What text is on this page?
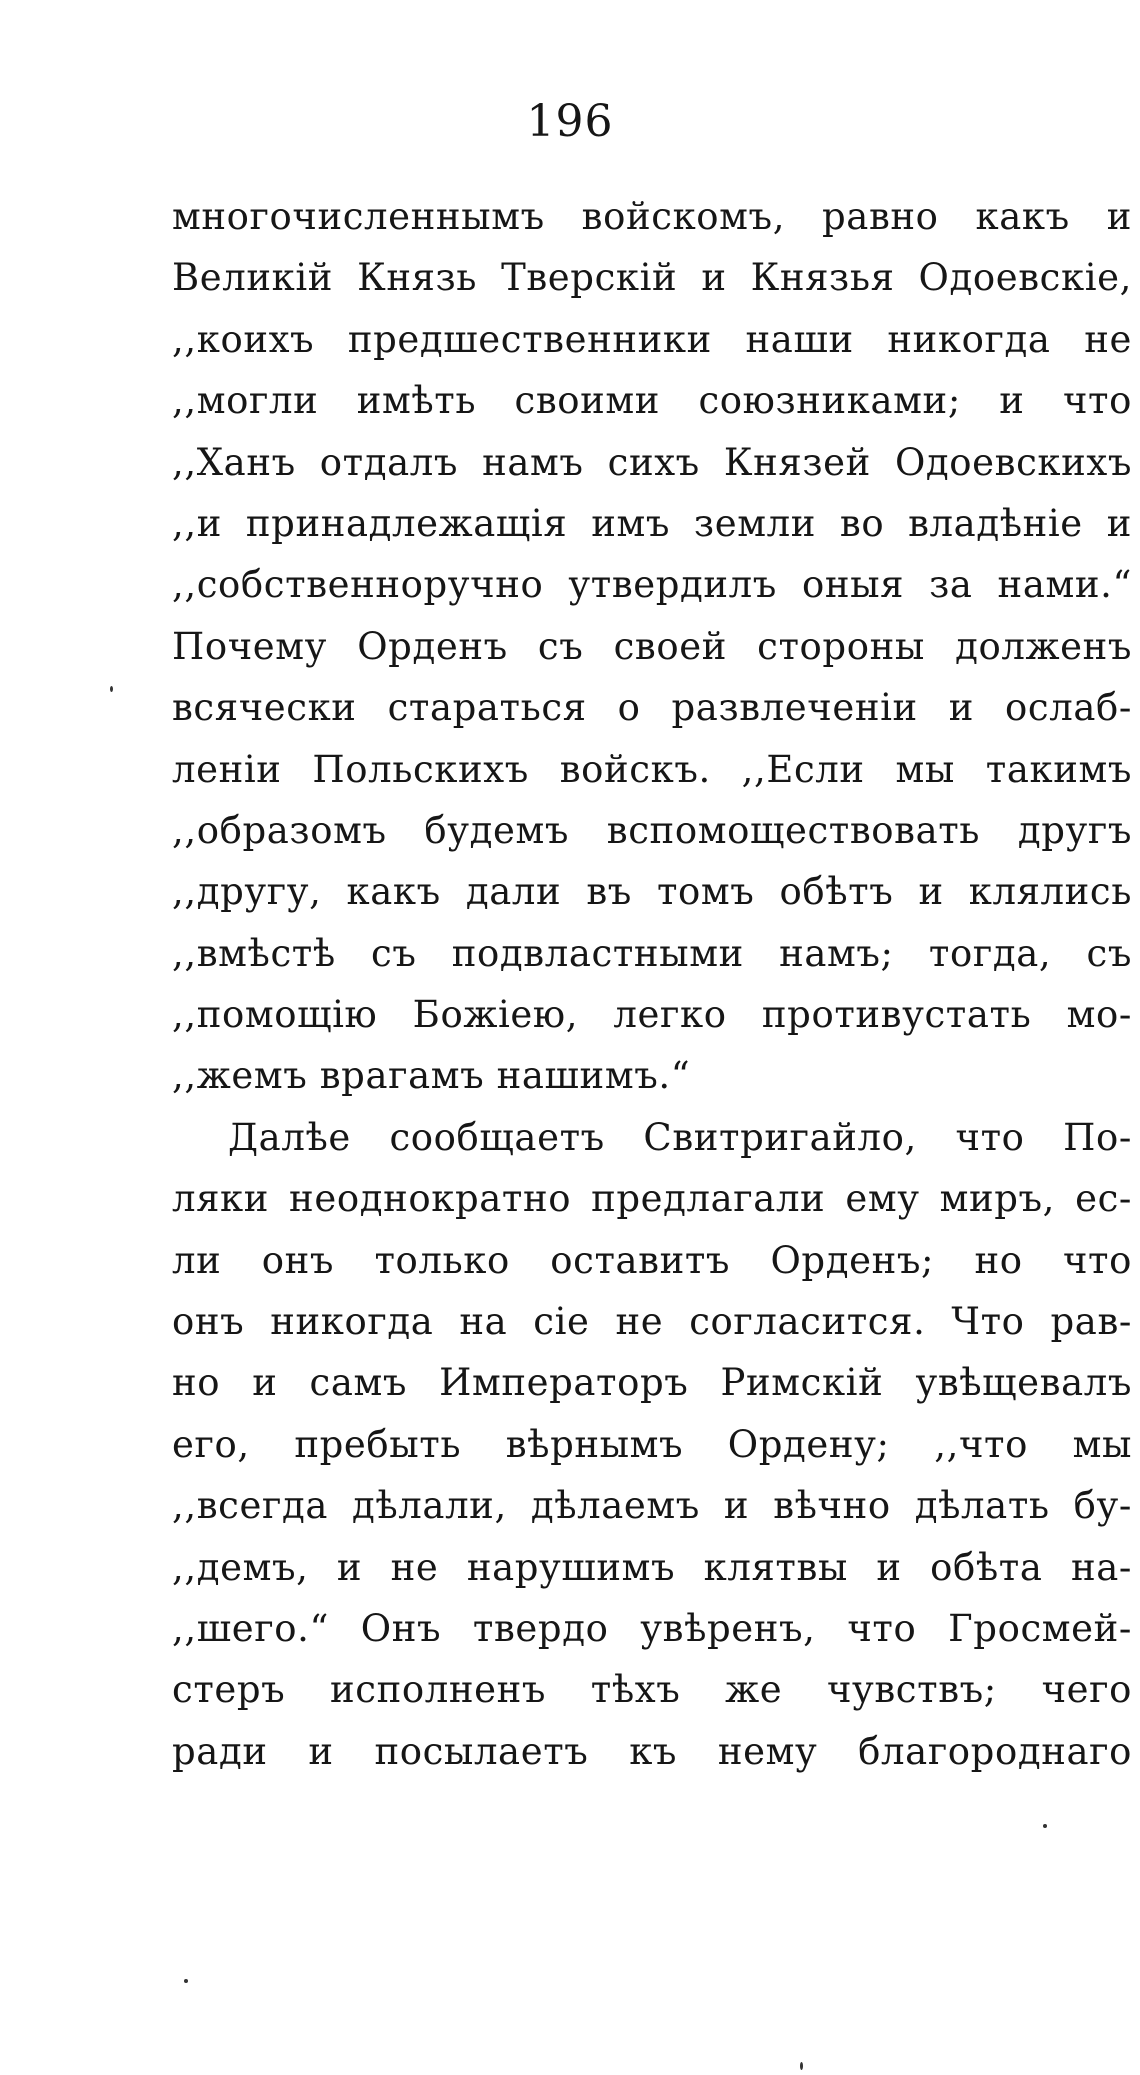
196
многочисленнымъ войскомъ, равно какъ и
Великій Князь Тверскій и Князья Одоевскіе,
,,коихъ предшественники наши никогда не
,,могли имѣть своими союзниками; и что
,,Ханъ отдалъ намъ сихъ Князей Одоевскихъ
,,и принадлежащія имъ земли во владѣніе и
,,собственноручно утвердилъ оныя за нами.“
Почему Орденъ съ своей стороны долженъ
всячески стараться о развлеченіи и ослаб-
леніи Польскихъ войскъ. ,,Если мы такимъ
,,образомъ будемъ вспомоществовать другъ
,,другу, какъ дали въ томъ обѣтъ и клялись
,,вмѣстѣ съ подвластными намъ; тогда, съ
,,помощію Божіею, легко противустать мо-
,,жемъ врагамъ нашимъ.“
Далѣе сообщаетъ Свитригайло, что По-
ляки неоднократно предлагали ему миръ, ес-
ли онъ только оставитъ Орденъ; но что
онъ никогда на сіе не согласится. Что рав-
но и самъ Императоръ Римскій увѣщевалъ
его, пребыть вѣрнымъ Ордену; ,,что мы
,,всегда дѣлали, дѣлаемъ и вѣчно дѣлать бу-
,,демъ, и не нарушимъ клятвы и обѣта на-
,,шего.“ Онъ твердо увѣренъ, что Гросмей-
стеръ исполненъ тѣхъ же чувствъ; чего
ради и посылаетъ къ нему благороднаго
